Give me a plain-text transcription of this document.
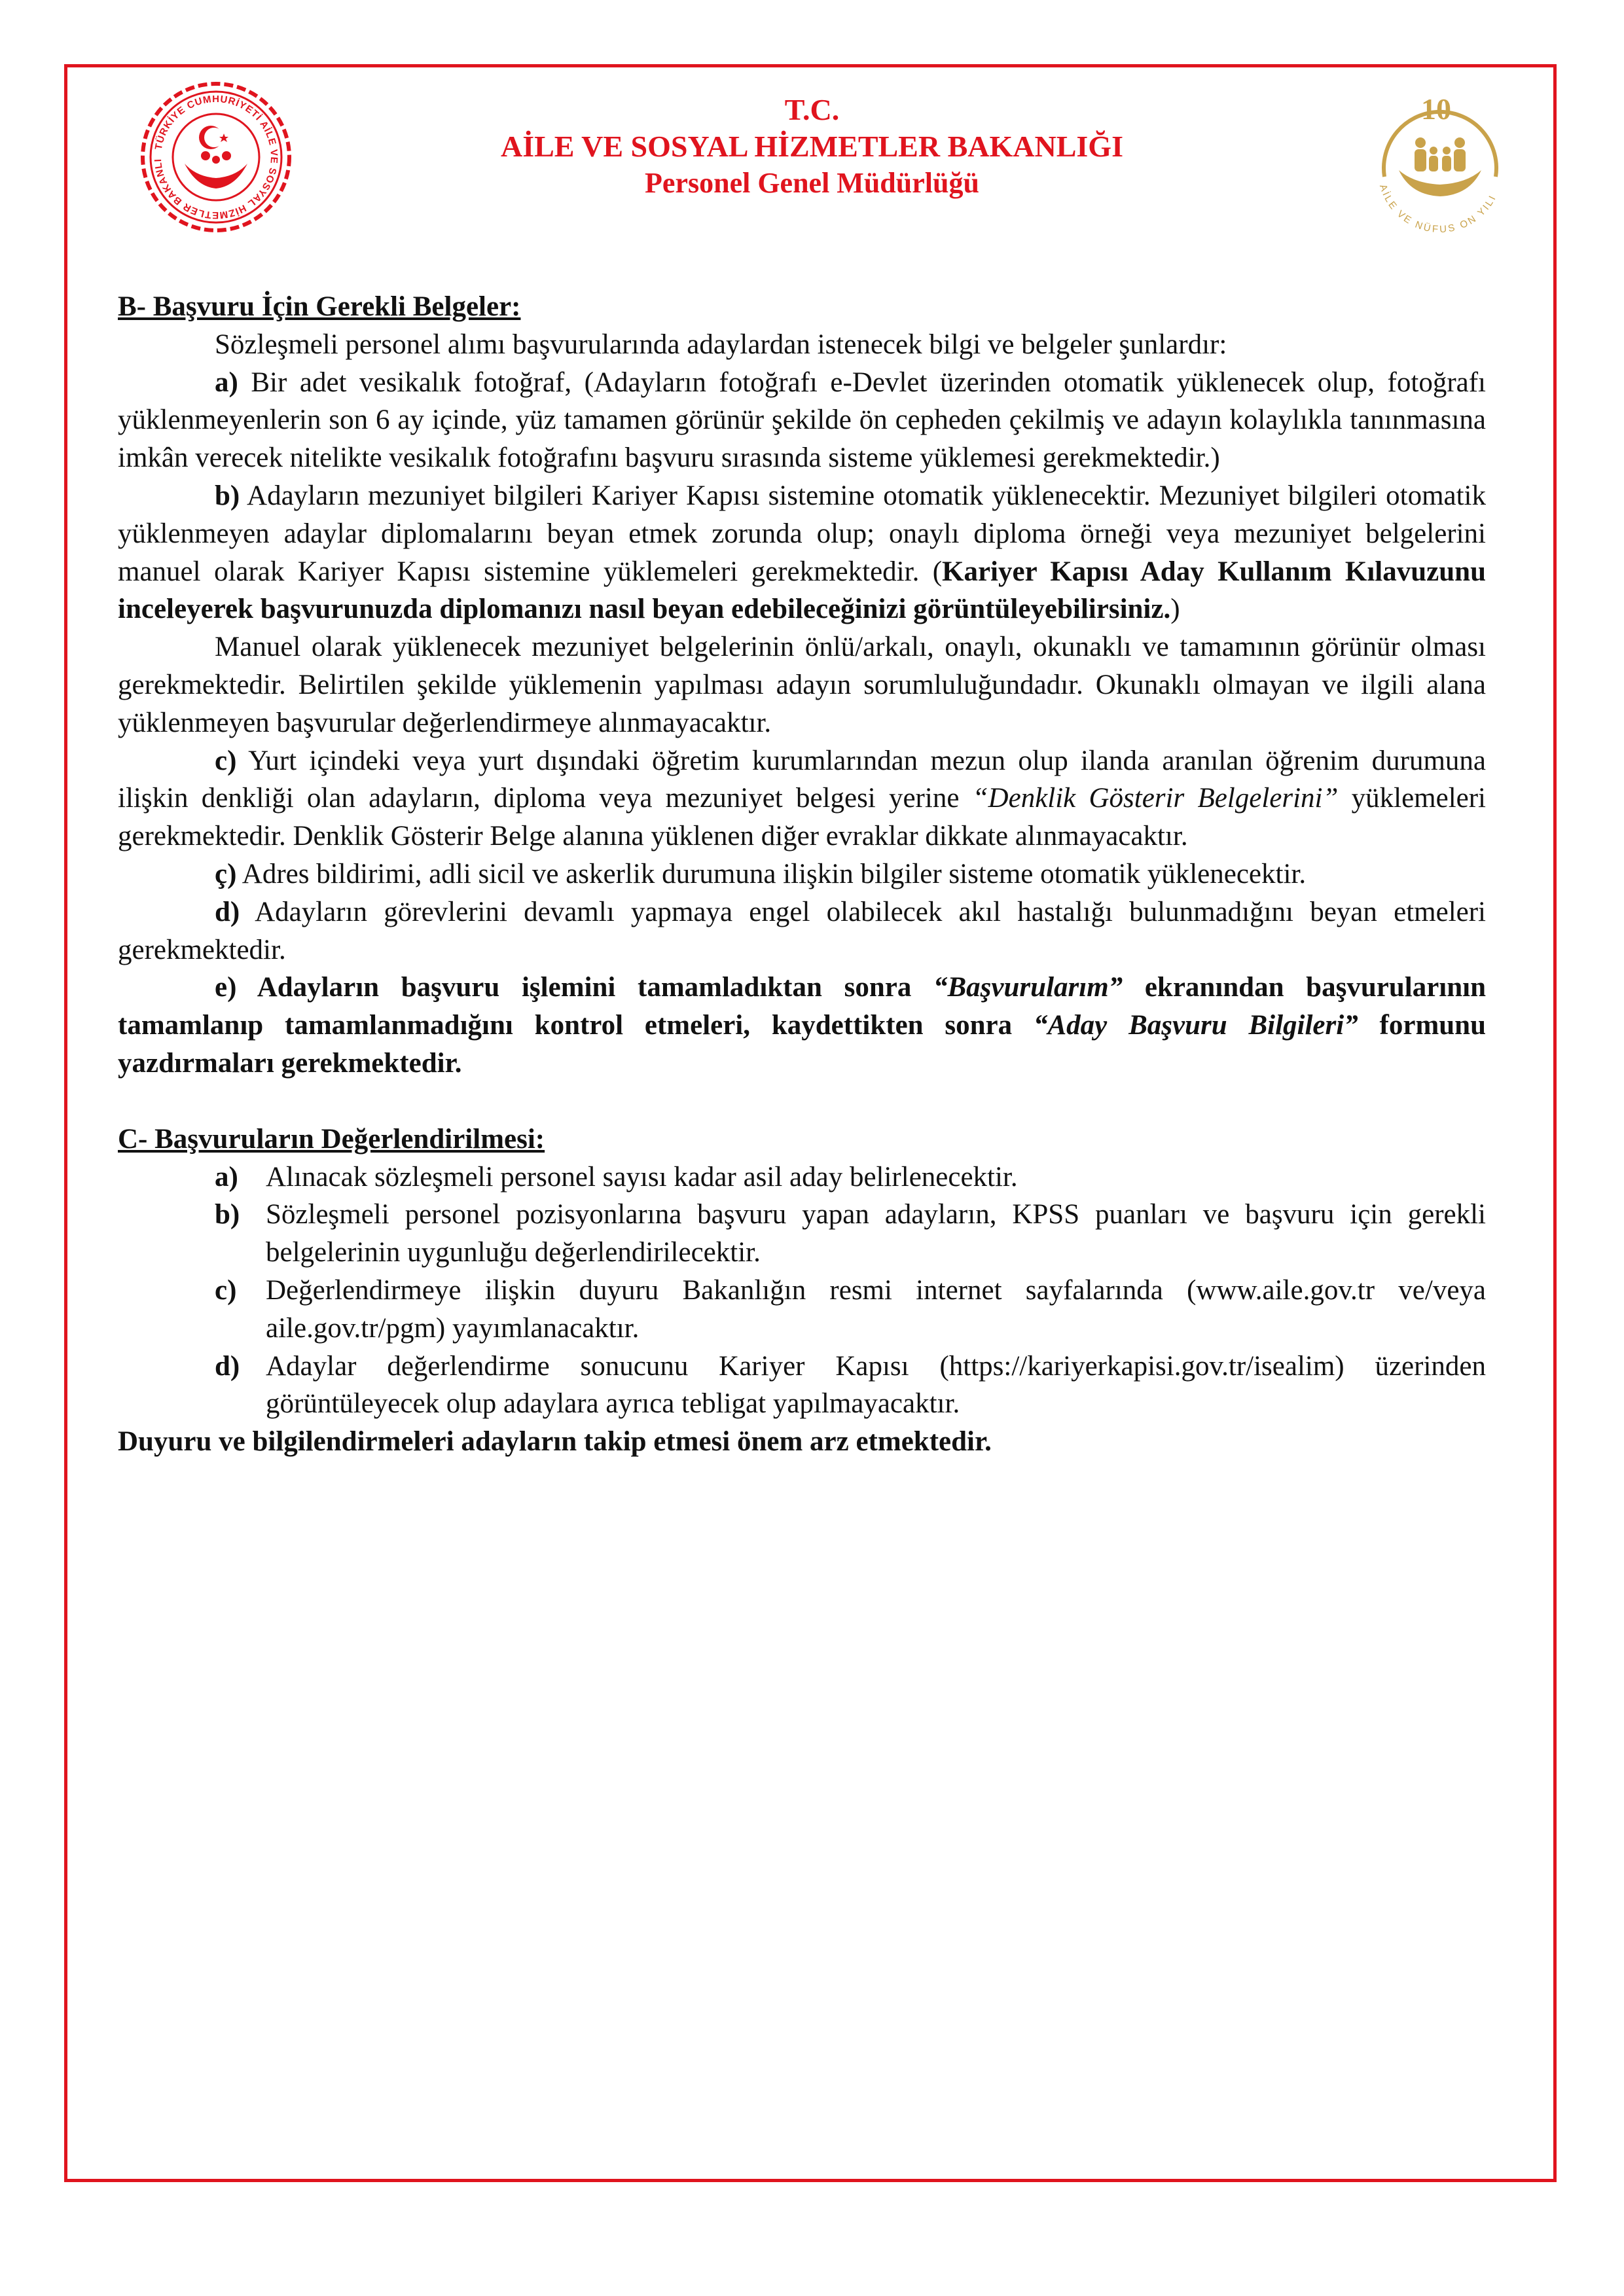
TÜRKİYE CUMHURİYETİ AİLE VE SOSYAL HİZMETLER BAKANLI
T.C.
AİLE VE SOSYAL HİZMETLER BAKANLIĞI
Personel Genel Müdürlüğü
10
AİLE VE NÜFUS ON YILI

B- Başvuru İçin Gerekli Belgeler:

Sözleşmeli personel alımı başvurularında adaylardan istenecek bilgi ve belgeler şunlardır:

a) Bir adet vesikalık fotoğraf, (Adayların fotoğrafı e-Devlet üzerinden otomatik yüklenecek olup, fotoğrafı yüklenmeyenlerin son 6 ay içinde, yüz tamamen görünür şekilde ön cepheden çekilmiş ve adayın kolaylıkla tanınmasına imkân verecek nitelikte vesikalık fotoğrafını başvuru sırasında sisteme yüklemesi gerekmektedir.)

b) Adayların mezuniyet bilgileri Kariyer Kapısı sistemine otomatik yüklenecektir. Mezuniyet bilgileri otomatik yüklenmeyen adaylar diplomalarını beyan etmek zorunda olup; onaylı diploma örneği veya mezuniyet belgelerini manuel olarak Kariyer Kapısı sistemine yüklemeleri gerekmektedir. (Kariyer Kapısı Aday Kullanım Kılavuzunu inceleyerek başvurunuzda diplomanızı nasıl beyan edebileceğinizi görüntüleyebilirsiniz.)

Manuel olarak yüklenecek mezuniyet belgelerinin önlü/arkalı, onaylı, okunaklı ve tamamının görünür olması gerekmektedir. Belirtilen şekilde yüklemenin yapılması adayın sorumluluğundadır. Okunaklı olmayan ve ilgili alana yüklenmeyen başvurular değerlendirmeye alınmayacaktır.

c) Yurt içindeki veya yurt dışındaki öğretim kurumlarından mezun olup ilanda aranılan öğrenim durumuna ilişkin denkliği olan adayların, diploma veya mezuniyet belgesi yerine “Denklik Gösterir Belgelerini” yüklemeleri gerekmektedir. Denklik Gösterir Belge alanına yüklenen diğer evraklar dikkate alınmayacaktır.

ç) Adres bildirimi, adli sicil ve askerlik durumuna ilişkin bilgiler sisteme otomatik yüklenecektir.

d) Adayların görevlerini devamlı yapmaya engel olabilecek akıl hastalığı bulunmadığını beyan etmeleri gerekmektedir.

e) Adayların başvuru işlemini tamamladıktan sonra “Başvurularım” ekranından başvurularının tamamlanıp tamamlanmadığını kontrol etmeleri, kaydettikten sonra “Aday Başvuru Bilgileri” formunu yazdırmaları gerekmektedir.

C- Başvuruların Değerlendirilmesi:

a) Alınacak sözleşmeli personel sayısı kadar asil aday belirlenecektir.
b) Sözleşmeli personel pozisyonlarına başvuru yapan adayların, KPSS puanları ve başvuru için gerekli belgelerinin uygunluğu değerlendirilecektir.
c)	Değerlendirmeye ilişkin duyuru Bakanlığın resmi internet sayfalarında (www.aile.gov.tr ve/veya aile.gov.tr/pgm) yayımlanacaktır.
d) Adaylar değerlendirme sonucunu Kariyer Kapısı (https://kariyerkapisi.gov.tr/isealim) üzerinden görüntüleyecek olup adaylara ayrıca tebligat yapılmayacaktır.

Duyuru ve bilgilendirmeleri adayların takip etmesi önem arz etmektedir.
